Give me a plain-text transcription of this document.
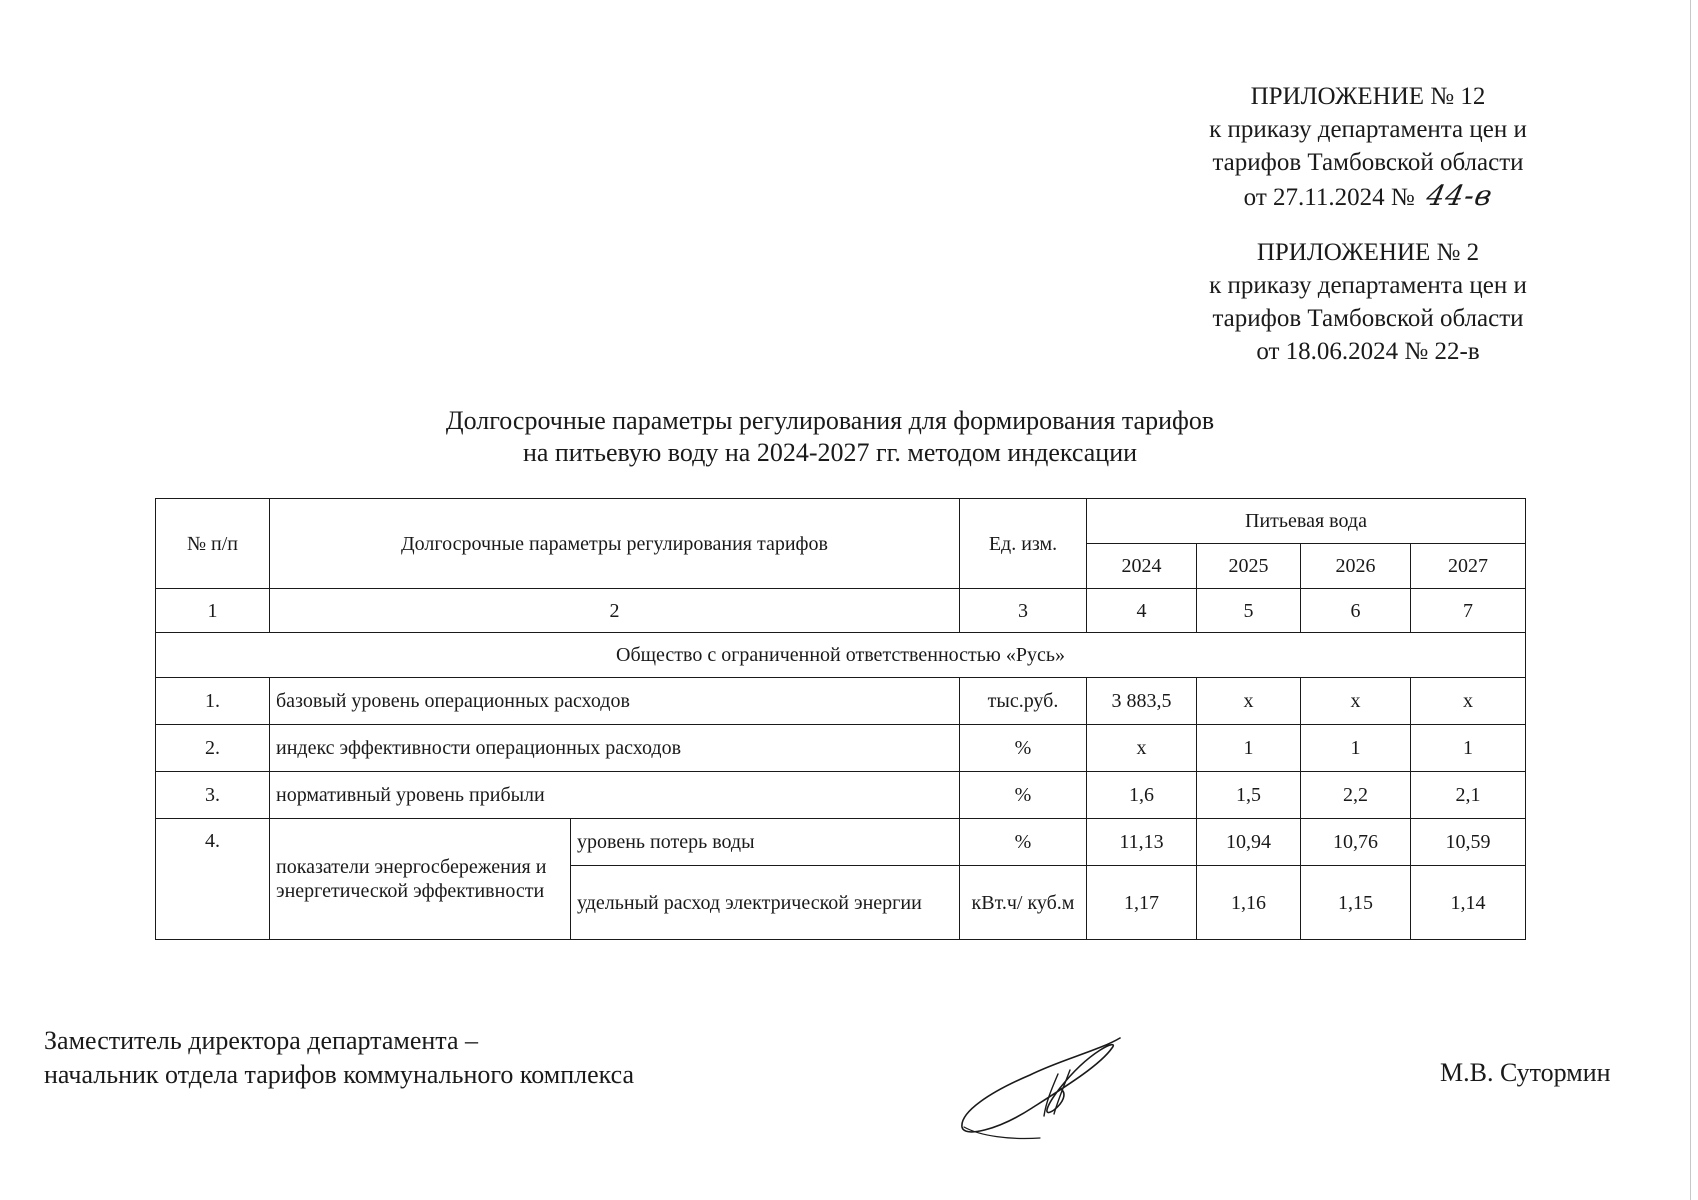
ПРИЛОЖЕНИЕ № 12
к приказу департамента цен и
тарифов Тамбовской области
от 27.11.2024 № 44-в
ПРИЛОЖЕНИЕ № 2
к приказу департамента цен и
тарифов Тамбовской области
от 18.06.2024 № 22-в
Долгосрочные параметры регулирования для формирования тарифов
на питьевую воду на 2024-2027 гг. методом индексации
№ п/п	Долгосрочные параметры регулирования тарифов		Ед. изм.	Питьевая вода			
				2024	2025	2026	2027
1	2		3	4	5	6	7
Общество с ограниченной ответственностью «Русь»							
1.	базовый уровень операционных расходов		тыс.руб.	3 883,5	х	х	х
2.	индекс эффективности операционных расходов		%	х	1	1	1
3.	нормативный уровень прибыли		%	1,6	1,5	2,2	2,1
4.	показатели энергосбережения и энергетической эффективности	уровень потерь воды	%	11,13	10,94	10,76	10,59
		удельный расход электрической энергии	кВт.ч/ куб.м	1,17	1,16	1,15	1,14
Заместитель директора департамента –
начальник отдела тарифов коммунального комплекса	М.В. Сутормин
